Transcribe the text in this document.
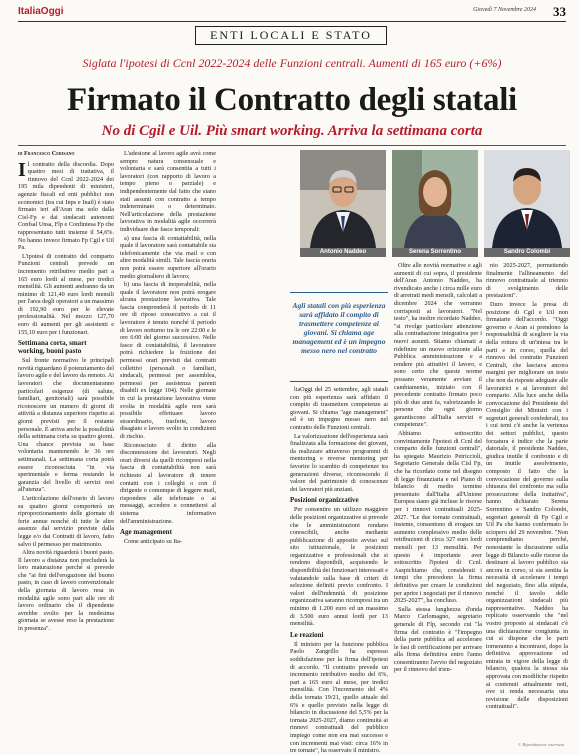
ItaliaOggi	Giovedì 7 Novembre 2024 33
ENTI LOCALI E STATO
Siglata l'ipotesi di Ccnl 2022-2024 delle Funzioni centrali. Aumenti di 165 euro (+6%)
Firmato il Contratto degli statali
No di Cgil e Uil. Più smart working. Arriva la settimana corta
di Francesco Cerisano

Il contratto della discordia. Dopo quattro mesi di trattativa, il rinnovo del Ccnl 2022-2024 dei 195 mila dipendenti di ministeri, agenzie fiscali ed enti pubblici non economici (tra cui Inps e Inail) è stato firmato ieri all'Aran ma solo dalla Cisl-Fp e dai sindacati autonomi Confsal Unsa, Flp e Confintesa Fp che rappresentano tutti insieme il 54,6%. No hanno invece firmato Fp Cgil e Uil Pa.

L'ipotesi di contratto del comparto Funzioni centrali prevede un incremento retributivo medio pari a 165 euro lordi al mese, per tredici mensilità. Gli aumenti andranno da un minimo di 121,40 euro lordi mensili per l'area degli operatori a un massimo di 192,90 euro per le elevate professionalità. Nel mezzo 127,70 euro di aumenti per gli assistenti e 155,10 euro per i funzionari.

Settimana corta, smart working, buoni pasto

Sul fronte normativo le principali novità riguardano il potenziamento del lavoro agile e del lavoro da remoto. Ai lavoratori che documentaranno particolari esigenze (di salute, familiari, genitoriali) sarà possibile riconoscere un numero di giorni di attività a distanza superiore rispetto ai giorni previsti per il restante personale. È arriva anche la possibilità della settimana corta su quattro giorni. Una chance prevista su base volontaria mantenendo le 36 ore settimanali. La settimana corta potrà essere riconosciuta "in via sperimentale e ferma restando la garanzia del livello di servizi resi all'utenza".

L'articolazione dell'orario di lavoro su quattro giorni comporterà un riproporzionamento delle giornate di ferie annue nonché di tutte le altre assenze dal servizio previste dalla legge e/o dai Contratti di lavoro, fatto salvo il permesso per matrimonio.

Altra novità riguarderà i buoni pasto. Il lavoro a distanza non precluderà la loro maturazione perché si prevede che "ai fini dell'erogazione del buono pasto, in caso di lavoro convenzionale della giornata di lavoro resa in modalità agile sono pari alle ore di lavoro ordinario che il dipendente avrebbe svolto per la medesima giornata se avesse reso la prestazione in presenza".

L'adesione al lavoro agile avrà come sempre natura consensuale e volontaria e sarà consentita a tutti i lavoratori (con rapporto di lavoro a tempo pieno o parziale) e indipendentemente dal fatto che siano stati assunti con contratto a tempo indeterminato o determinato. Nell'articolazione della prestazione lavorativa in modalità agile occorrerà individuare due fasce temporali:

a) una fascia di contattabilità, nella quale il lavoratore sarà contattabile sia telefonicamente che via mail o con altre modalità simili. Tale fascia oraria non potrà essere superiore all'orario medio giornaliero di lavoro;

b) una fascia di inoperabilità, nella quale il lavoratore non potrà erogare alcuna prestazione lavorativa. Tale fascia comprenderà il periodo di 11 ore di riposo consecutivo a cui il lavoratore è tenuto nonché il periodo di lavoro notturno tra le ore 22:00 e le ore 6:00 del giorno successivo. Nelle fasce di contattabilità, il lavoratore potrà richiedere la fruizione dei permessi orari previsti dai contratti collettivi (personali o familiari, sindacali, permessi per assemblea, permessi per assistenza parenti disabili ex legge 104). Nelle giornate in cui la prestazione lavorativa viene svolta in modalità agile non sarà possibile effettuare lavoro straordinario, trasferte, lavoro disagiato e lavoro svolto in condizioni di rischio.

Riconosciuto il diritto alla disconnessione dei lavoratori. Negli orari diversi da quelli ricompresi nella fascia di contattabilità non sarà richiesto al lavoratore di tenere contatti con i colleghi o con il dirigente o comunque di leggere mail, rispondere alle telefonate o ai messaggi, accedere e connettersi al sistema informativo dell'amministrazione.

Age management

Come anticipato su Ita-

Antonio Naddeo	Serena Sorrentino	Sandro Colombi
Agli statali con più esperienza sarà affidato il compito di trasmettere competenze ai giovani. Si chiama age management ed è un impegno messo nero nel contratto

liaOggi del 25 settembre, agli statali con più esperienza sarà affidato il compito di trasmettere competenze ai giovani. Si chiama "age management" ed è un impegno messo nero nel contratto delle Funzioni centrali.

La valorizzazione dell'esperienza sarà finalizzata alla formazione dei giovani, da realizzare attraverso programmi di mentoring e reverse mentoring per favorire lo scambio di competenze tra generazioni diverse, riconoscendo il valore del patrimonio di conoscenze dei lavoratori più anziani.

Posizioni organizzative

Per consentire un utilizzo maggiore delle posizioni organizzative si prevede che le amministrazioni rendano conoscibili, anche mediante pubblicazione di apposito avviso sul sito istituzionale, le posizioni organizzative e professionali che si rendono disponibili, acquisendo le disponibilità dei funzionari interessati e valutandole sulla base di criteri di selezione definiti previo confronto. I valori dell'indennità di posizione organizzativa saranno ricompresi tra un minimo di 1.200 euro ed un massimo di 3.500 euro annui lordi per 13 mensilità.

Le reazioni

Il ministro per la funzione pubblica Paolo Zangrillo ha espresso soddisfazione per la firma dell'ipotesi di accordo. "Il contratto prevede un incremento retributivo medio del 6%, pari a 165 euro al mese, per tredici mensilità. Con l'incremento del 4% della tornata 19/21, quello attuale del 6% e quello previsto nella legge di bilancio in discussione del 5,5% per la tornata 2025-2027, diamo continuità ai rinnovi contrattuali del pubblico impiego come non era mai successo e con incrementi mai visti: circa 16% in tre tornate", ha osservato il ministro.

Oltre alle novità normative e agli aumenti di cui sopra, il presidente dell'Aran Antonio Naddeo, ha rivendicato anche i circa mille euro di arretrati medi mensili, calcolati a dicembre 2024 che verranno corrisposti ai lavoratori. "Nel testo", ha inoltre ricordato Naddeo, "si rivolge particolare attenzione alla contrattazione integrativa per i nuovi assunti. Stiamo chiamati a ridefinire un nuovo orizzonte alla Pubblica amministrazione e a rendere più attrattivi il lavoro, e sono certo che queste norme possano veramente avviare il cambiamento, iniziato con il precedente contratto firmato poco più di due anni fa, valorizzando le persone che ogni giorno garantiscono all'Italia servizi e competenze".

Abbiamo sottoscritto convintamente l'ipotesi di Ccnl del comparto delle funzioni centrali", ha spiegato Maurizio Petriccioli, Segretario Generale della Cisl Fp, che ha ricordato come nel disegno di legge finanziaria e nel Piano di bilancio di medio termine presentato dall'Italia all'Unione Europea siano già incluse le risorse per i rinnovi contrattuali 2025-2027. "Le due tornate contrattuali, insieme, consentono di erogare un aumento complessivo medio delle retribuzioni di circa 327 euro lordi mensili per 13 mensilità. Per questo è importante aver sottoscritto l'ipotesi di Ccnl. Auspichiamo che, considerati i tempi che precedono la firma definitiva per creare le condizioni per aprire i negoziati per il rinnovo 2025-2027", ha concluso.

Sulla stessa lunghezza d'onda Marco Carlomagno, segretario generale di Flp, secondo cui "la firma del contratto è "l'impegno della parte pubblica ad accelerare le fasi di certificazione per arrivare alla firma definitiva entro l'anno consentiranno l'avvio del negoziato per il rinnovo del trien-

nio 2025-2027, permettendo finalmente l'allineamento del rinnovo contrattuale al triennio di svolgimento delle prestazioni".

Duro invece la presa di posizione di Cgil e Uil non firmatarie dell'accordo. "Oggi governo e Aran si prendono la responsabilità di scegliere la via della rottura di un'intesa tra le parti e in corso, quella del rinnovo del contratto Funzioni Centrali, che lasciava ancora margini per migliorare un testo che non da risposte adeguate alle lavoratrici e ai lavoratori del comparto. Alla luce anche della convocazione del Presidente del Consiglio dei Ministri con i segretari generali confederali, tra i cui temi c'è anche la vertenza dei settori pubblici, questo forzatura è indice che la parte datoriale, il presidente Naddeo, giudica inutile il confronto e di un inutile assolvimento, composto il fatto che la convocazione del governo sulla chiusura del confronto ma sulla prosecuzione della trattativa", hanno dichiarato Serena Sorrentino e Sandro Colombi, segretari generali di Fp Cgil e Uil Pa che hanno confermato lo sciopero del 29 novembre. "Non comprendiamo perché, nonostante la discussione sulla legge di Bilancio sulle risorse da destinare al lavoro pubblico sia ancora in corso, si sia sentita la necessità di accelerare i tempi del negoziato, fino alla stipula, nonché il tavolo delle organizzazioni sindacali più rappresentative. Naddeo ha replicato osservando che "nel vostro proposto ai sindacati c'è una dichiarazione congiunta in cui si dispone che le parti torneranno a incontrarsi, dopo la definitiva approvazione ed entrata in vigore della legge di bilancio, qualora la stessa sia approvata con modifiche rispetto ai contenuti attualmente noti, ove si renda necessaria una revisione delle disposizioni contrattuali".

© Riproduzione riservata
